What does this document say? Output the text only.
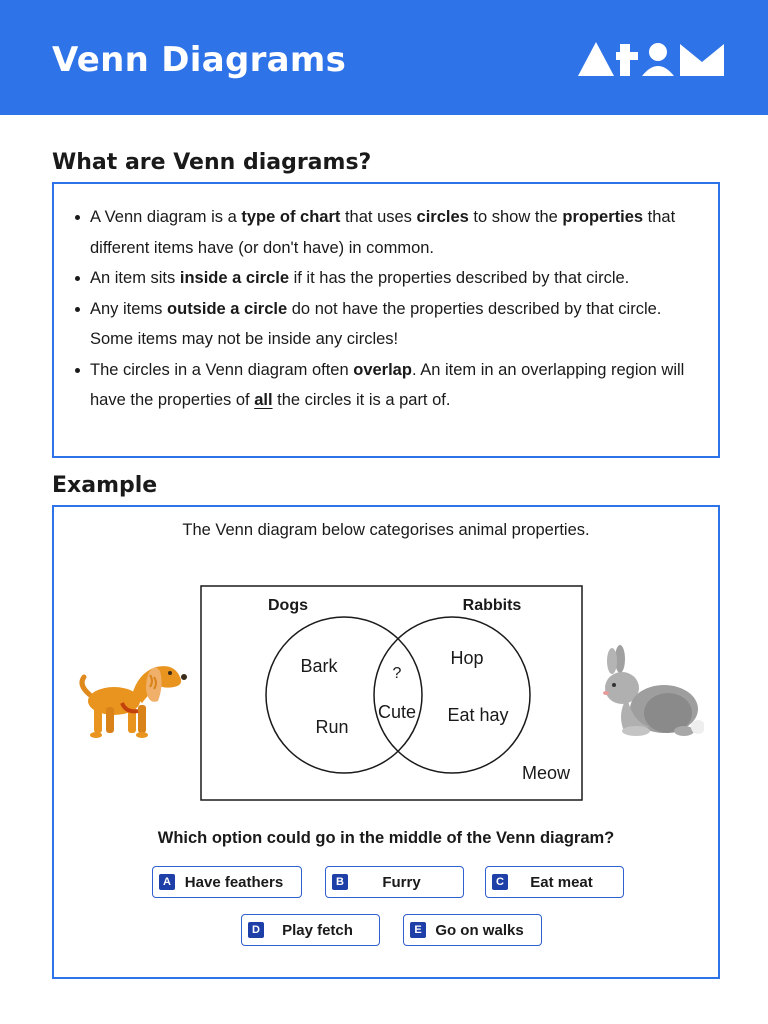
Venn Diagrams
What are Venn diagrams?
A Venn diagram is a type of chart that uses circles to show the properties that different items have (or don't have) in common.
An item sits inside a circle if it has the properties described by that circle.
Any items outside a circle do not have the properties described by that circle. Some items may not be inside any circles!
The circles in a Venn diagram often overlap. An item in an overlapping region will have the properties of all the circles it is a part of.
Example
The Venn diagram below categorises animal properties.
Dogs	Rabbits
Bark
Run
?
Cute
Hop
Eat hay
Meow
Which option could go in the middle of the Venn diagram?
A Have feathers	B	Furry	C	Eat meat
D	Play fetch	E Go on walks
